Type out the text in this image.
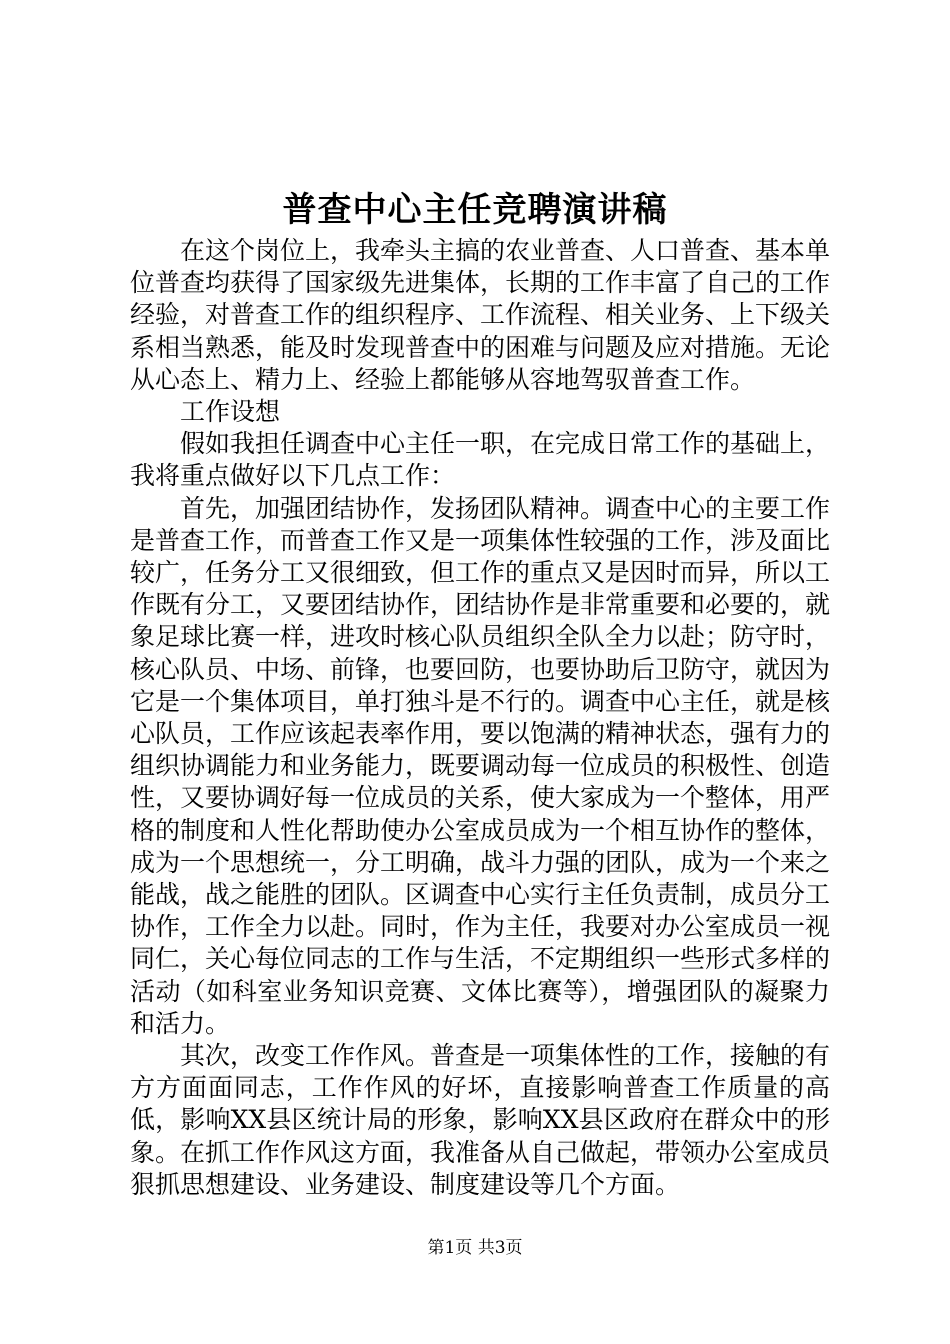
普查中心主任竞聘演讲稿

在这个岗位上，我牵头主搞的农业普查、人口普查、基本单位普查均获得了国家级先进集体，长期的工作丰富了自己的工作经验，对普查工作的组织程序、工作流程、相关业务、上下级关系相当熟悉，能及时发现普查中的困难与问题及应对措施。无论从心态上、精力上、经验上都能够从容地驾驭普查工作。

工作设想

假如我担任调查中心主任一职，在完成日常工作的基础上，我将重点做好以下几点工作：

首先，加强团结协作，发扬团队精神。调查中心的主要工作是普查工作，而普查工作又是一项集体性较强的工作，涉及面比较广，任务分工又很细致，但工作的重点又是因时而异，所以工作既有分工，又要团结协作，团结协作是非常重要和必要的，就象足球比赛一样，进攻时核心队员组织全队全力以赴；防守时，核心队员、中场、前锋，也要回防，也要协助后卫防守，就因为它是一个集体项目，单打独斗是不行的。调查中心主任，就是核心队员，工作应该起表率作用，要以饱满的精神状态，强有力的组织协调能力和业务能力，既要调动每一位成员的积极性、创造性，又要协调好每一位成员的关系，使大家成为一个整体，用严格的制度和人性化帮助使办公室成员成为一个相互协作的整体，成为一个思想统一，分工明确，战斗力强的团队，成为一个来之能战，战之能胜的团队。区调查中心实行主任负责制，成员分工协作，工作全力以赴。同时，作为主任，我要对办公室成员一视同仁，关心每位同志的工作与生活，不定期组织一些形式多样的活动（如科室业务知识竞赛、文体比赛等），增强团队的凝聚力和活力。

其次，改变工作作风。普查是一项集体性的工作，接触的有方方面面同志，工作作风的好坏，直接影响普查工作质量的高低，影响XX县区统计局的形象，影响XX县区政府在群众中的形象。在抓工作作风这方面，我准备从自己做起，带领办公室成员狠抓思想建设、业务建设、制度建设等几个方面。

第1页 共3页
